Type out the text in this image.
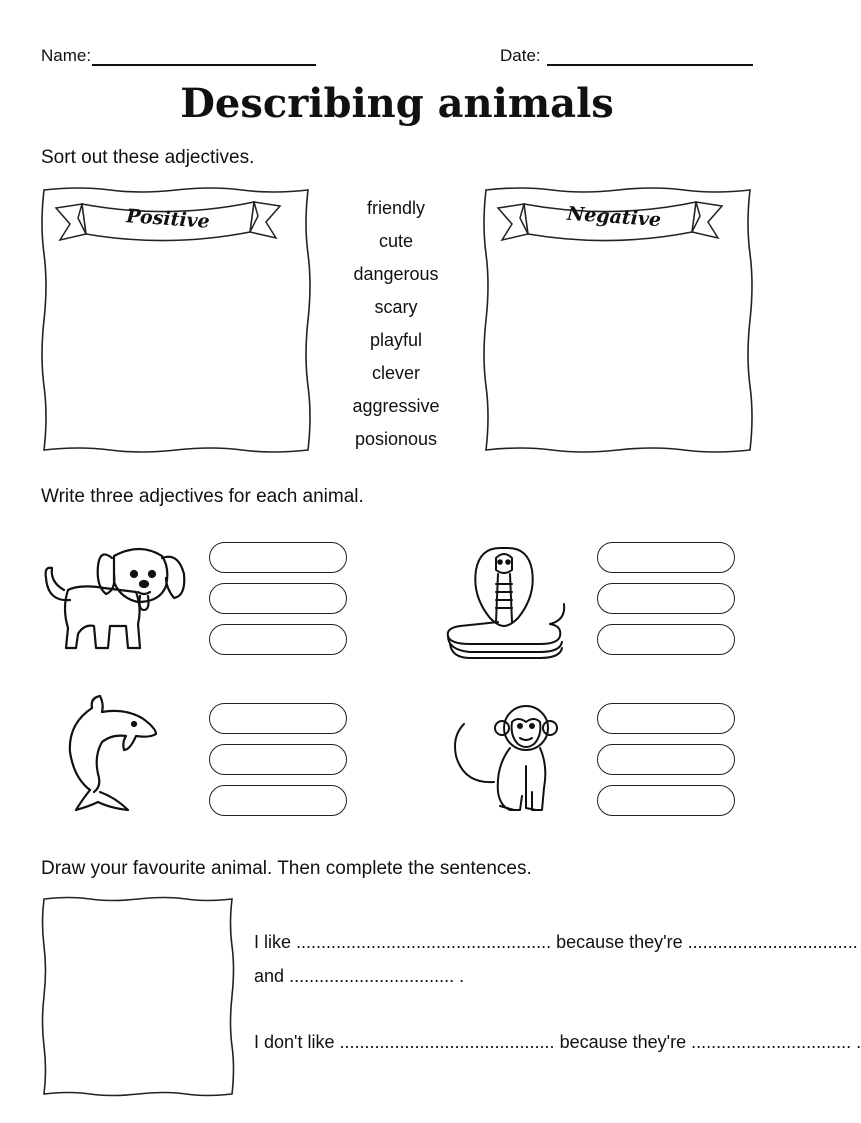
Name:	Date:
Describing animals
Sort out these adjectives.
Positive	friendly
cute
dangerous
scary
playful
clever
aggressive
posionous
Negative
Write three adjectives for each animal.
Draw your favourite animal. Then complete the sentences.
I like ................................................... because they're ..................................
and ................................. .
I don't like ........................................... because they're ................................ .
